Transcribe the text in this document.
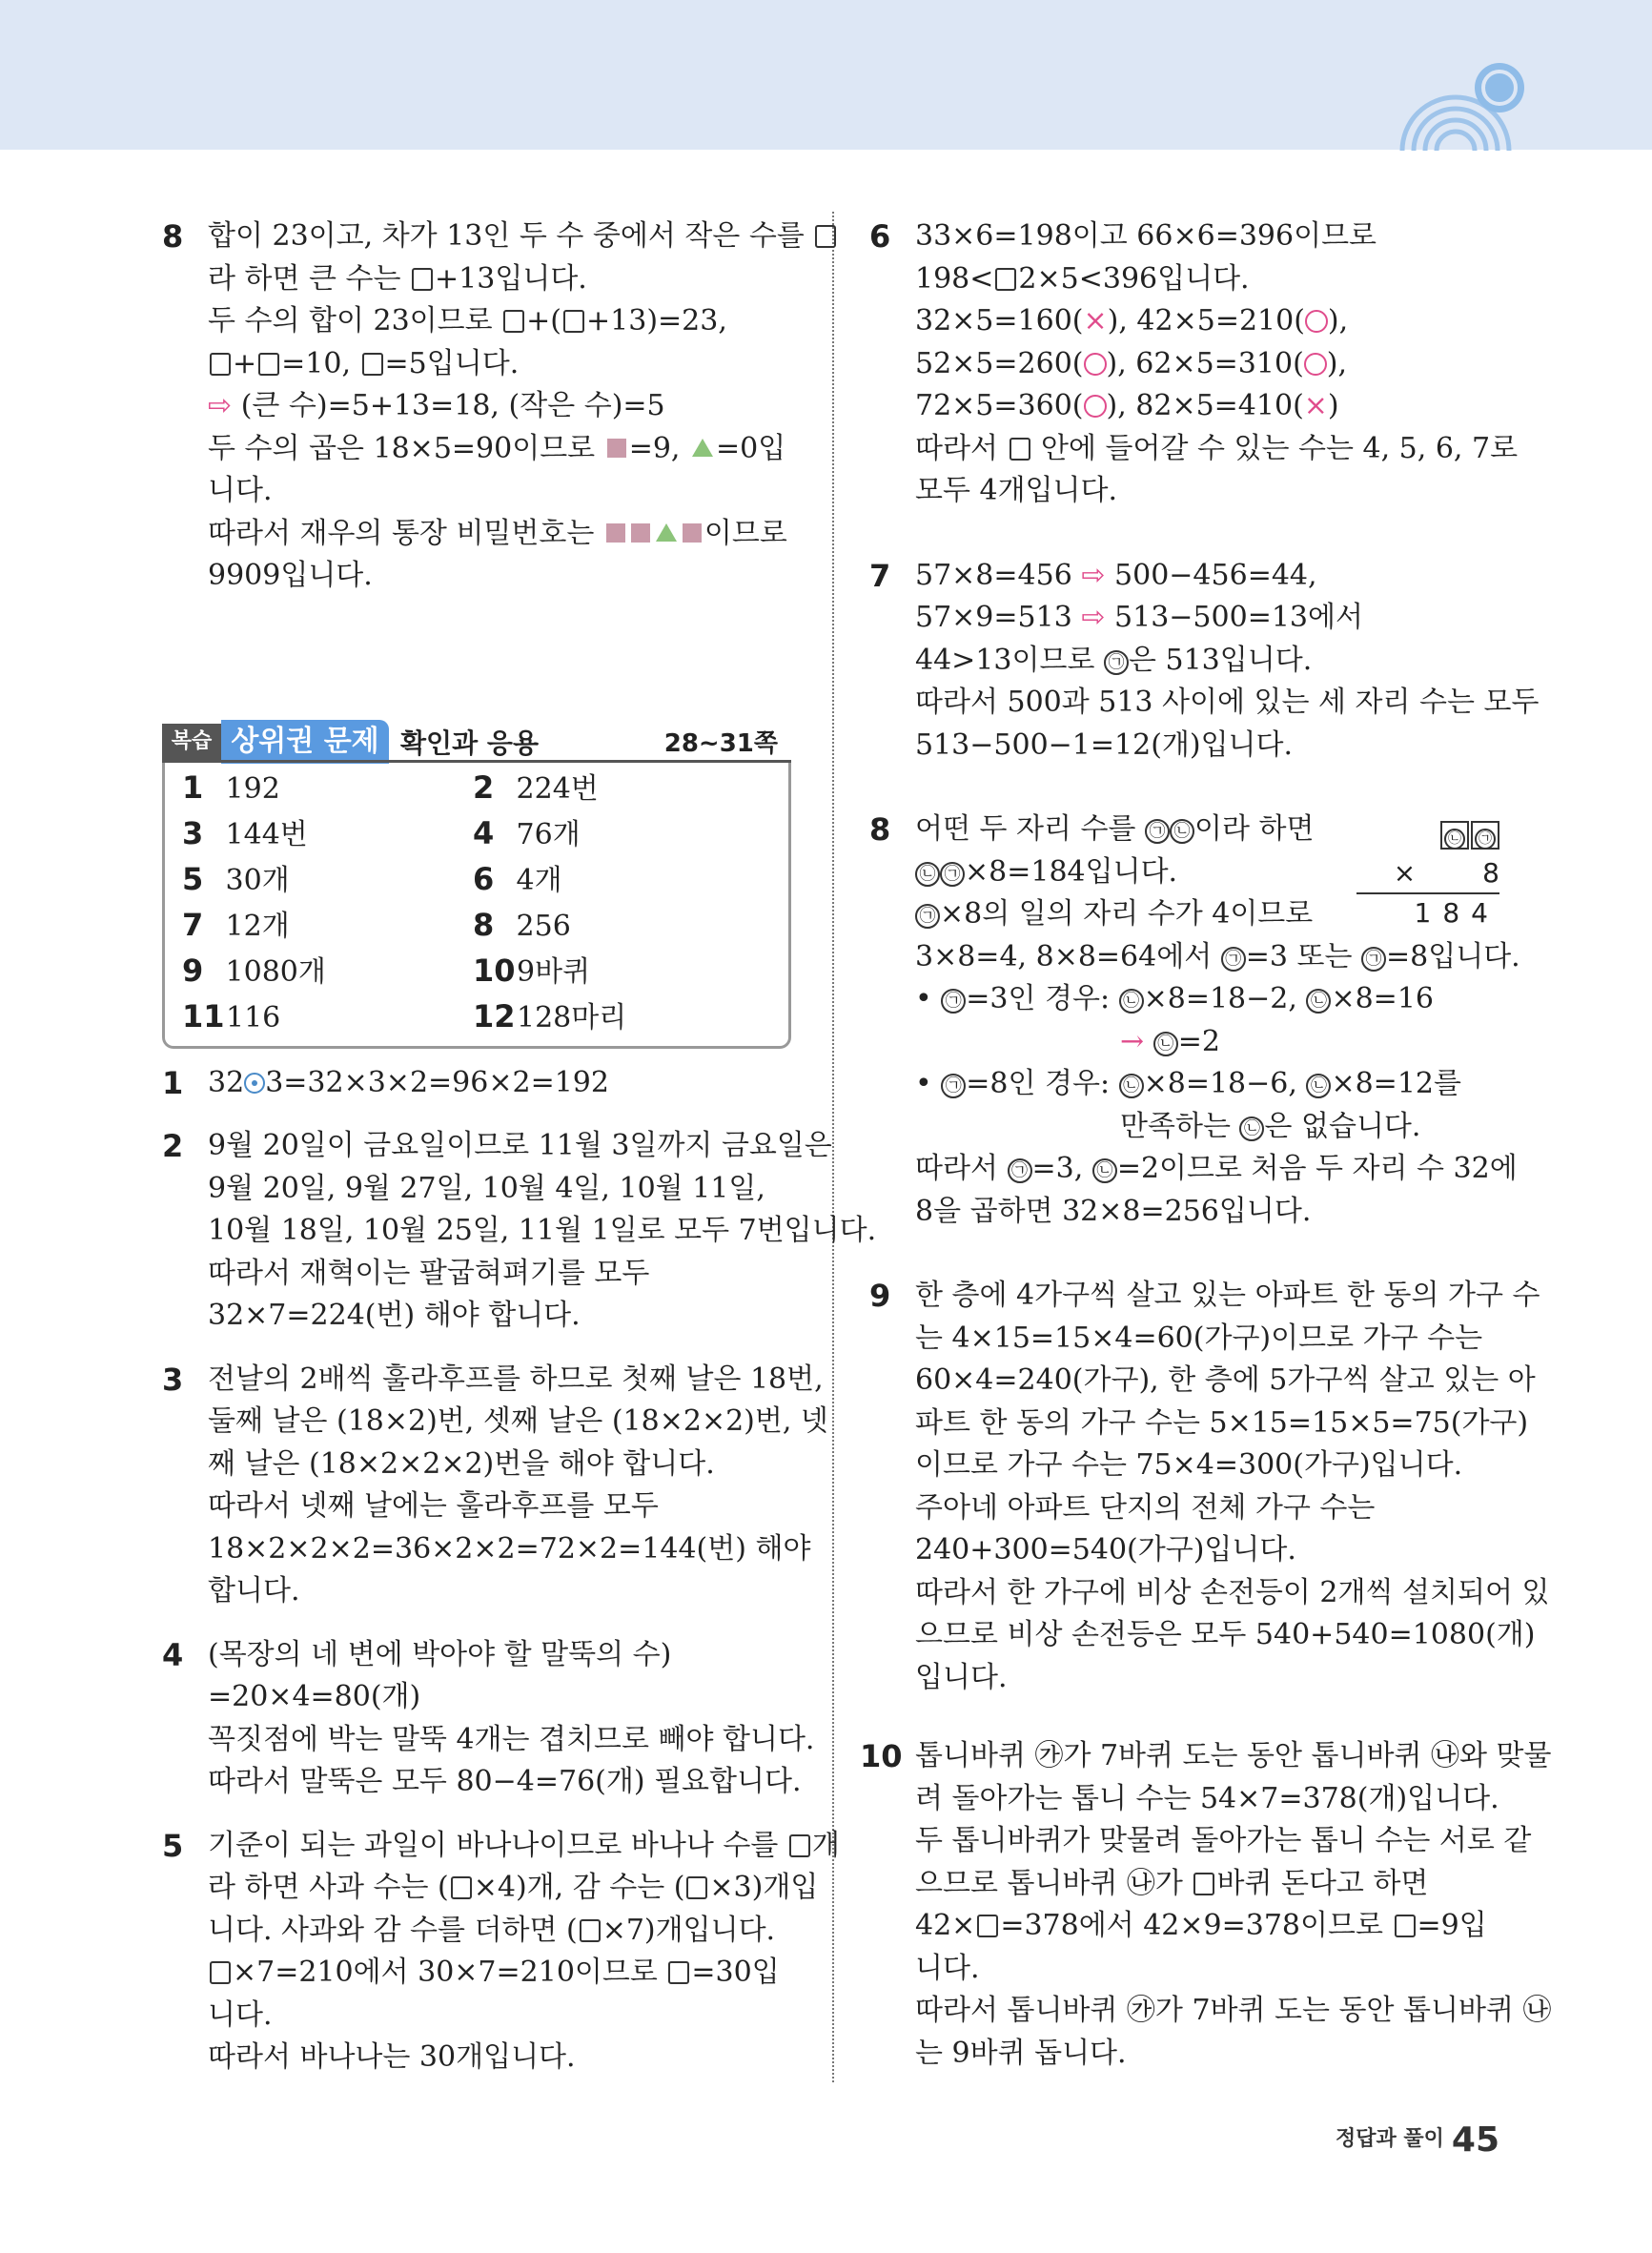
8 합이 23이고, 차가 13인 두 수 중에서 작은 수를
라 하면 큰 수는 +13입니다.
두 수의 합이 23이므로 +( +13)=23,
+ =10, =5입니다.
⇨ (큰 수)=5+13=18, (작은 수)=5
두 수의 곱은 18×5=90이므로 =9, =0입
니다.
따라서 재우의 통장 비밀번호는	이므로
9909입니다.
복습 상위권 문제 확인과 응용	28~31쪽
1 192	2 224번
3 144번	4 76개
5 30개	6 4개
7 12개	8 256
9 1080개	109바퀴
11116	12128마리
1 32 3=32×3×2=96×2=192
2 9월 20일이 금요일이므로 11월 3일까지 금요일은
9월 20일, 9월 27일, 10월 4일, 10월 11일,
10월 18일, 10월 25일, 11월 1일로 모두 7번입니다.
따라서 재혁이는 팔굽혀펴기를 모두
32×7=224(번) 해야 합니다.
3 전날의 2배씩 훌라후프를 하므로 첫째 날은 18번,
둘째 날은 (18×2)번, 셋째 날은 (18×2×2)번, 넷
째 날은 (18×2×2×2)번을 해야 합니다.
따라서 넷째 날에는 훌라후프를 모두
18×2×2×2=36×2×2=72×2=144(번) 해야
합니다.
4 (목장의 네 변에 박아야 할 말뚝의 수)
=20×4=80(개)
꼭짓점에 박는 말뚝 4개는 겹치므로 빼야 합니다.
따라서 말뚝은 모두 80−4=76(개) 필요합니다.
5 기준이 되는 과일이 바나나이므로 바나나 수를 개
라 하면 사과 수는 ( ×4)개, 감 수는 ( ×3)개입
니다. 사과와 감 수를 더하면 ( ×7)개입니다.
×7=210에서 30×7=210이므로 =30입
니다.
따라서 바나나는 30개입니다.
6 33×6=198이고 66×6=396이므로
198< 2×5<396입니다.
32×5=160(×), 42×5=210( ),
52×5=260( ), 62×5=310( ),
72×5=360( ), 82×5=410(×)
따라서 안에 들어갈 수 있는 수는 4, 5, 6, 7로
모두 4개입니다.
7 57×8=456 ⇨ 500−456=44,
57×9=513 ⇨ 513−500=13에서
44>13이므로 ㉠ 은 513입니다.
따라서 500과 513 사이에 있는 세 자리 수는 모두
513−500−1=12(개)입니다.
8	㉡ ㉠
×	8
184
어떤 두 자리 수를 ㉠ ㉡ 이라 하면
㉡ ㉠ ×8=184입니다.
㉠ ×8의 일의 자리 수가 4이므로
3×8=4, 8×8=64에서 ㉠ =3 또는 ㉠ =8입니다.
• ㉠ =3인 경우: ㉡ ×8=18−2, ㉡ ×8=16
→ ㉡ =2
• ㉠ =8인 경우: ㉡ ×8=18−6, ㉡ ×8=12를
만족하는 ㉡ 은 없습니다.
따라서 ㉠ =3, ㉡ =2이므로 처음 두 자리 수 32에
8을 곱하면 32×8=256입니다.
9 한 층에 4가구씩 살고 있는 아파트 한 동의 가구 수
는 4×15=15×4=60(가구)이므로 가구 수는
60×4=240(가구), 한 층에 5가구씩 살고 있는 아
파트 한 동의 가구 수는 5×15=15×5=75(가구)
이므로 가구 수는 75×4=300(가구)입니다.
주아네 아파트 단지의 전체 가구 수는
240+300=540(가구)입니다.
따라서 한 가구에 비상 손전등이 2개씩 설치되어 있
으므로 비상 손전등은 모두 540+540=1080(개)
입니다.
10 톱니바퀴 ㉮가 7바퀴 도는 동안 톱니바퀴 ㉯와 맞물
려 돌아가는 톱니 수는 54×7=378(개)입니다.
두 톱니바퀴가 맞물려 돌아가는 톱니 수는 서로 같
으므로 톱니바퀴 ㉯가 바퀴 돈다고 하면
42× =378에서 42×9=378이므로 =9입
니다.
따라서 톱니바퀴 ㉮가 7바퀴 도는 동안 톱니바퀴 ㉯
는 9바퀴 돕니다.
정답과 풀이 45
